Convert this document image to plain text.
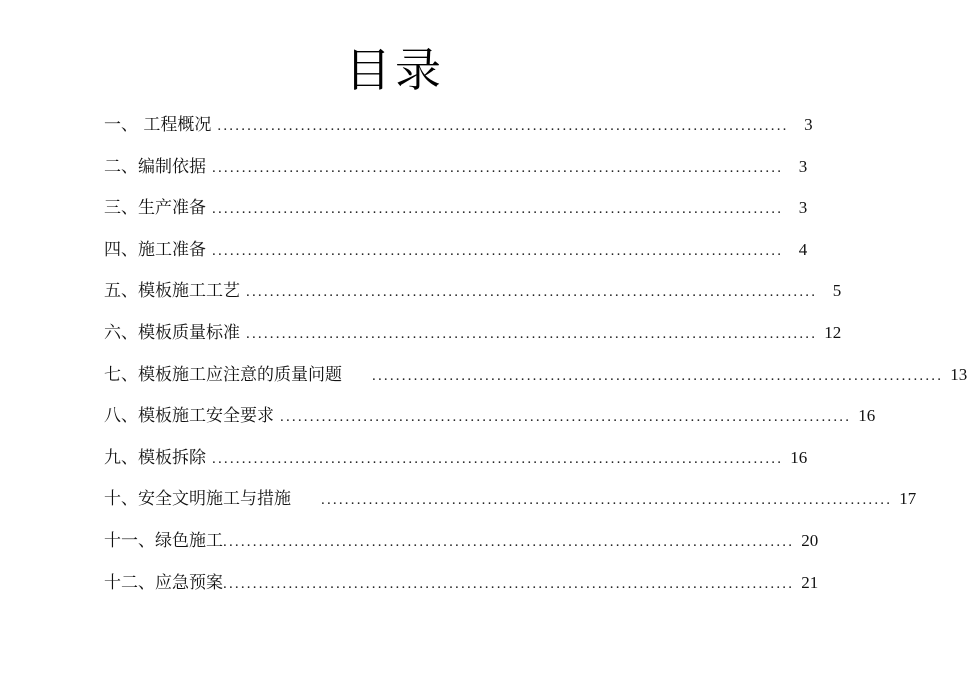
目录
一、 工程概况 ................................................................................................ 3
二、编制依据 ................................................................................................ 3
三、生产准备 ................................................................................................ 3
四、施工准备 ................................................................................................ 4
五、模板施工工艺 ................................................................................................ 5
六、模板质量标准 ................................................................................................ 12
七、模板施工应注意的质量问题 ................................................................................................ 13
八、模板施工安全要求 ................................................................................................ 16
九、模板拆除 ................................................................................................ 16
十、安全文明施工与措施 ................................................................................................ 17
十一、绿色施工 ................................................................................................ 20
十二、应急预案 ................................................................................................ 21
